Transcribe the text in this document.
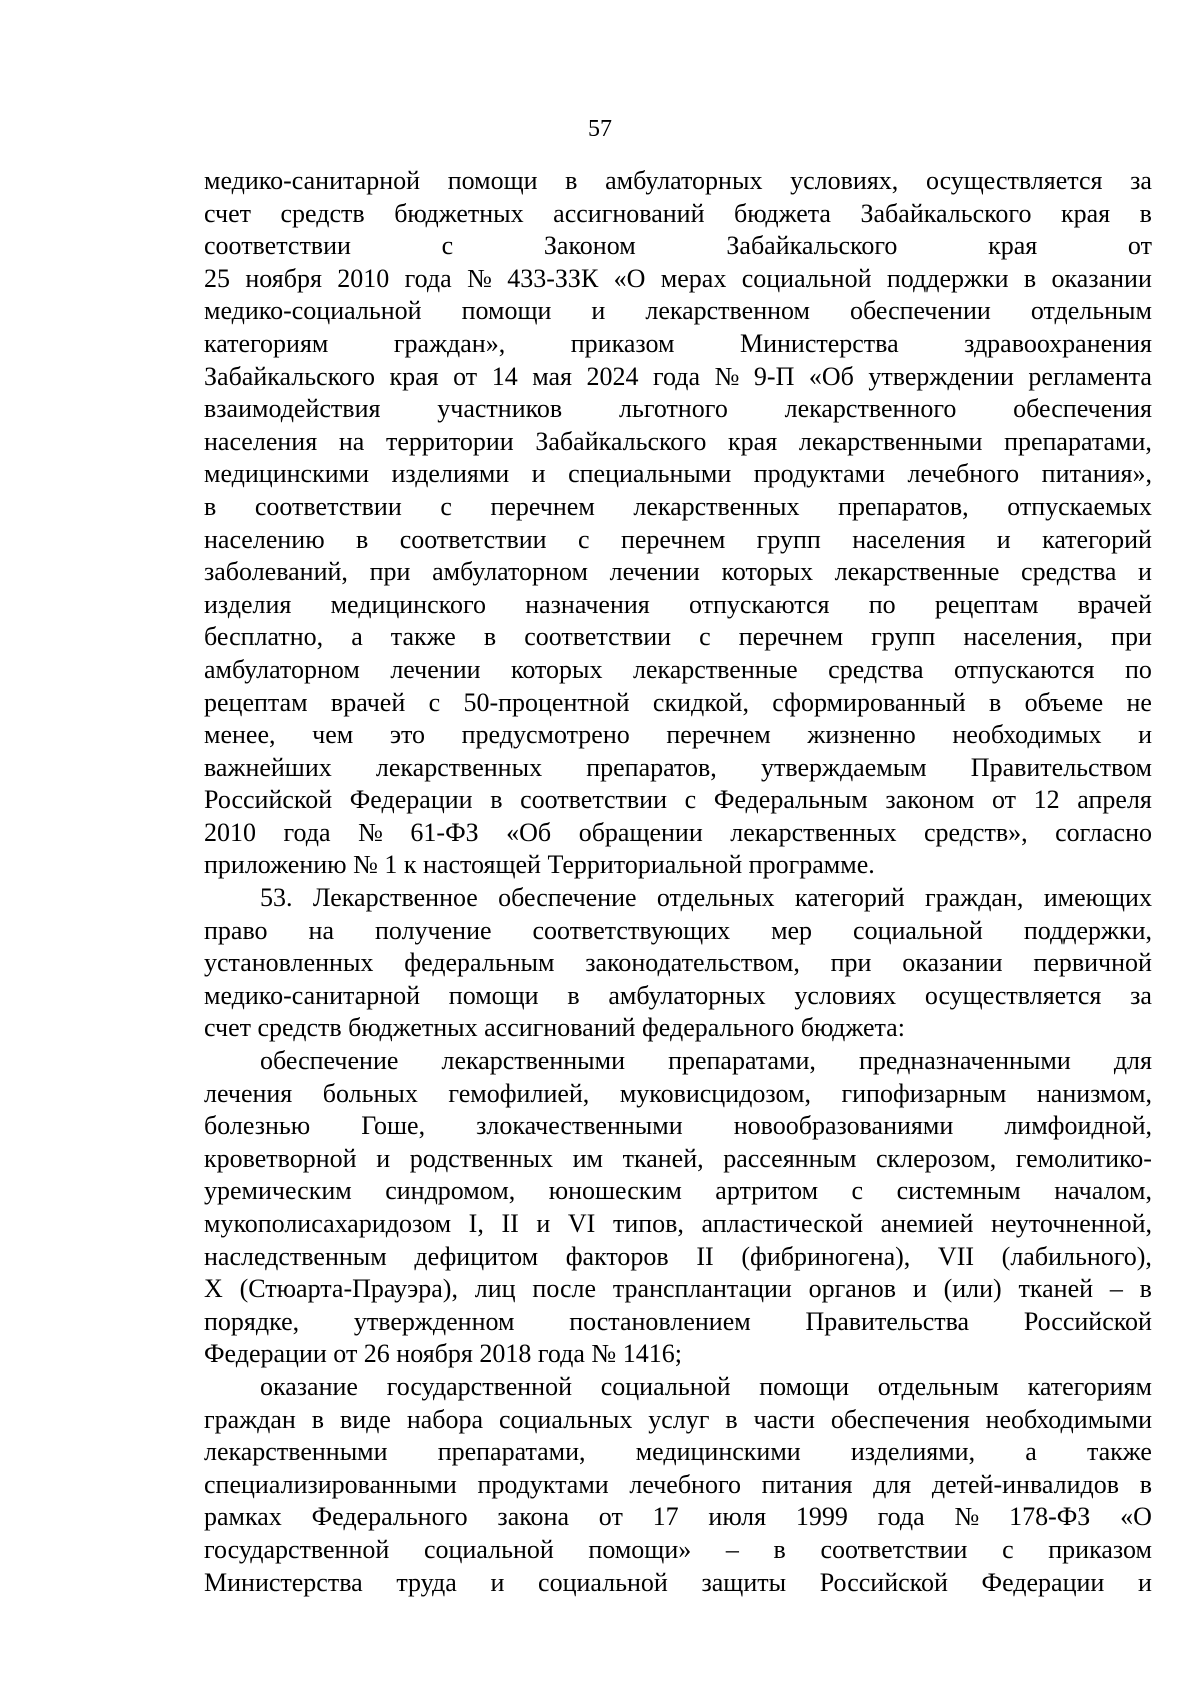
57
медико-санитарной помощи в амбулаторных условиях, осуществляется за
счет средств бюджетных ассигнований бюджета Забайкальского края в
соответствии	с	Законом	Забайкальского	края	от
25 ноября 2010 года № 433-ЗЗК «О мерах социальной поддержки в оказании
медико-социальной помощи и лекарственном обеспечении отдельным
категориям	граждан»,	приказом	Министерства	здравоохранения
Забайкальского края от 14 мая 2024 года № 9-П «Об утверждении регламента
взаимодействия участников льготного лекарственного обеспечения
населения на территории Забайкальского края лекарственными препаратами,
медицинскими изделиями и специальными продуктами лечебного питания»,
в соответствии с перечнем лекарственных препаратов, отпускаемых
населению в соответствии с перечнем групп населения и категорий
заболеваний, при амбулаторном лечении которых лекарственные средства и
изделия медицинского назначения отпускаются по рецептам врачей
бесплатно, а также в соответствии с перечнем групп населения, при
амбулаторном лечении которых лекарственные средства отпускаются по
рецептам врачей с 50-процентной скидкой, сформированный в объеме не
менее, чем это предусмотрено перечнем жизненно необходимых и
важнейших лекарственных препаратов, утверждаемым Правительством
Российской Федерации в соответствии с Федеральным законом от 12 апреля
2010 года № 61-ФЗ «Об обращении лекарственных средств», согласно
приложению № 1 к настоящей Территориальной программе.
53. Лекарственное обеспечение отдельных категорий граждан, имеющих
право на получение соответствующих мер социальной поддержки,
установленных федеральным законодательством, при оказании первичной
медико-санитарной помощи в амбулаторных условиях осуществляется за
счет средств бюджетных ассигнований федерального бюджета:
обеспечение лекарственными препаратами, предназначенными для
лечения больных гемофилией, муковисцидозом, гипофизарным нанизмом,
болезнью Гоше, злокачественными новообразованиями лимфоидной,
кроветворной и родственных им тканей, рассеянным склерозом, гемолитико-
уремическим синдромом, юношеским артритом с системным началом,
мукополисахаридозом I, II и VI типов, апластической анемией неуточненной,
наследственным дефицитом факторов II (фибриногена), VII (лабильного),
X (Стюарта-Прауэра), лиц после трансплантации органов и (или) тканей – в
порядке, утвержденном постановлением Правительства Российской
Федерации от 26 ноября 2018 года № 1416;
оказание государственной социальной помощи отдельным категориям
граждан в виде набора социальных услуг в части обеспечения необходимыми
лекарственными препаратами, медицинскими изделиями, а также
специализированными продуктами лечебного питания для детей-инвалидов в
рамках Федерального закона от 17 июля 1999 года № 178-ФЗ «О
государственной социальной помощи» – в соответствии с приказом
Министерства труда и социальной защиты Российской Федерации и
